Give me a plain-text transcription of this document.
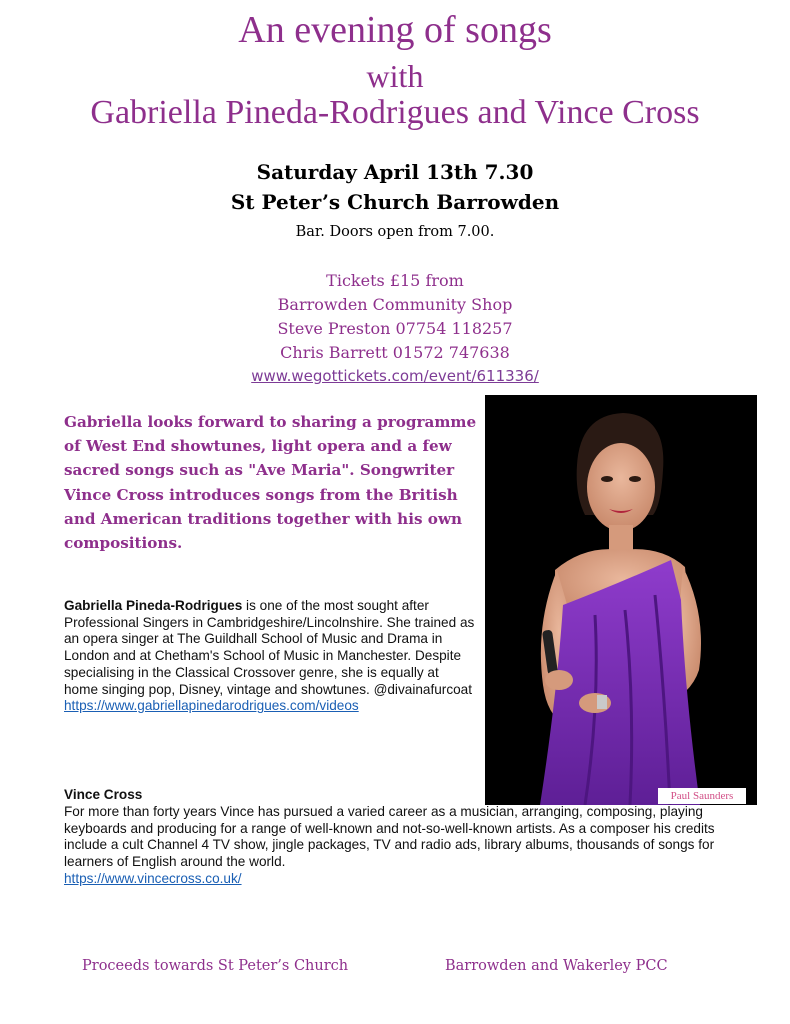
An evening of songs
with
Gabriella Pineda-Rodrigues and Vince Cross
Saturday April 13th 7.30
St Peter’s Church Barrowden
Bar. Doors open from 7.00.
Tickets £15 from
Barrowden Community Shop
Steve Preston 07754 118257
Chris Barrett 01572 747638
www.wegottickets.com/event/611336/
Gabriella looks forward to sharing a programme of West End showtunes, light opera and a few sacred songs such as "Ave Maria". Songwriter Vince Cross introduces songs from the British and American traditions together with his own compositions.
Paul Saunders
Gabriella Pineda-Rodrigues is one of the most sought after Professional Singers in Cambridgeshire/Lincolnshire. She trained as an opera singer at The Guildhall School of Music and Drama in London and at Chetham's School of Music in Manchester. Despite specialising in the Classical Crossover genre, she is equally at home singing pop, Disney, vintage and showtunes. @divainafurcoat
https://www.gabriellapinedarodrigues.com/videos
Vince Cross
For more than forty years Vince has pursued a varied career as a musician, arranging, composing, playing keyboards and producing for a range of well-known and not-so-well-known artists. As a composer his credits include a cult Channel 4 TV show, jingle packages, TV and radio ads, library albums, thousands of songs for learners of English around the world.
https://www.vincecross.co.uk/
Proceeds towards St Peter’s Church	Barrowden and Wakerley PCC
